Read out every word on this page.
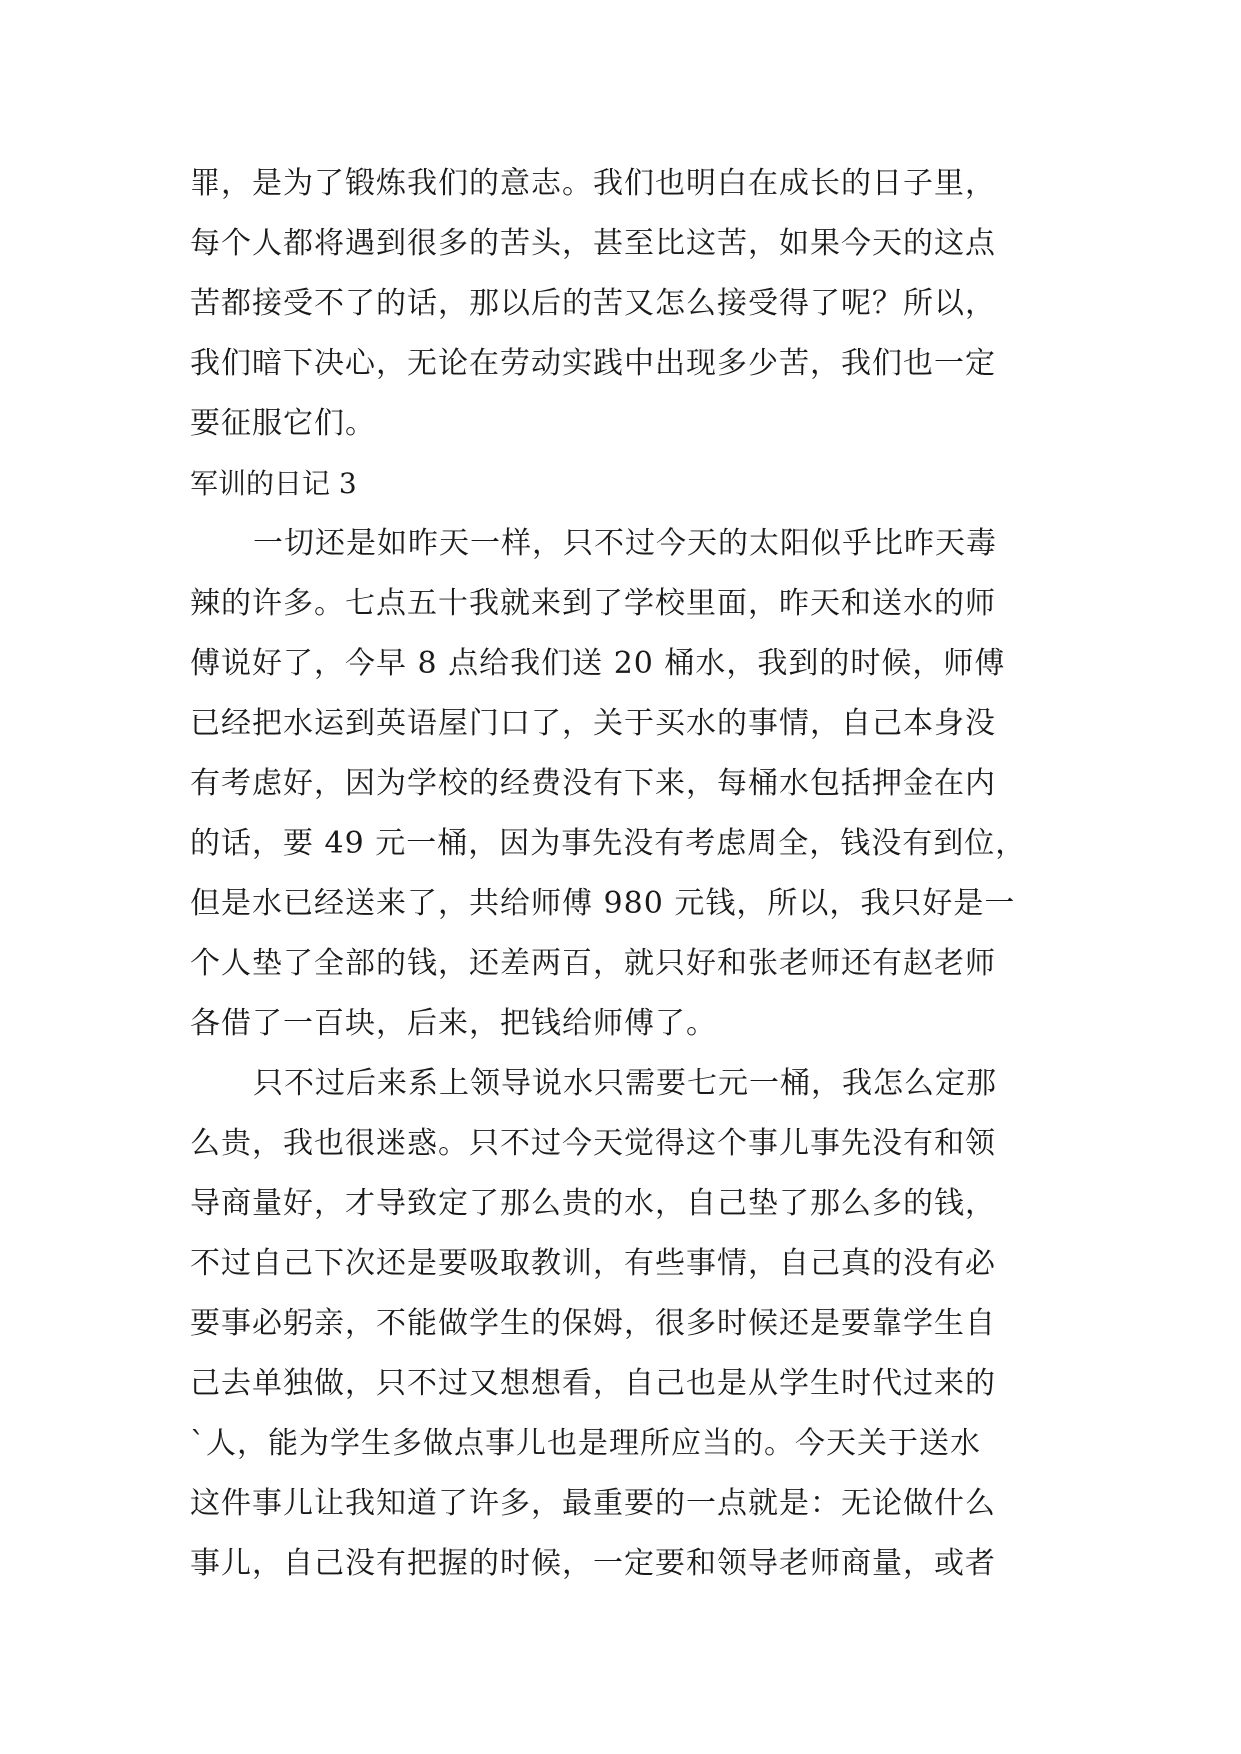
罪，是为了锻炼我们的意志。我们也明白在成长的日子里，
每个人都将遇到很多的苦头，甚至比这苦，如果今天的这点
苦都接受不了的话，那以后的苦又怎么接受得了呢？所以，
我们暗下决心，无论在劳动实践中出现多少苦，我们也一定
要征服它们。
军训的日记 3
一切还是如昨天一样，只不过今天的太阳似乎比昨天毒
辣的许多。七点五十我就来到了学校里面，昨天和送水的师
傅说好了，今早 8 点给我们送 20 桶水，我到的时候，师傅
已经把水运到英语屋门口了，关于买水的事情，自己本身没
有考虑好，因为学校的经费没有下来，每桶水包括押金在内
的话，要 49 元一桶，因为事先没有考虑周全，钱没有到位，
但是水已经送来了，共给师傅 980 元钱，所以，我只好是一
个人垫了全部的钱，还差两百，就只好和张老师还有赵老师
各借了一百块，后来，把钱给师傅了。
只不过后来系上领导说水只需要七元一桶，我怎么定那
么贵，我也很迷惑。只不过今天觉得这个事儿事先没有和领
导商量好，才导致定了那么贵的水，自己垫了那么多的钱，
不过自己下次还是要吸取教训，有些事情，自己真的没有必
要事必躬亲，不能做学生的保姆，很多时候还是要靠学生自
己去单独做，只不过又想想看，自己也是从学生时代过来的
`人，能为学生多做点事儿也是理所应当的。今天关于送水
这件事儿让我知道了许多，最重要的一点就是：无论做什么
事儿，自己没有把握的时候，一定要和领导老师商量，或者
